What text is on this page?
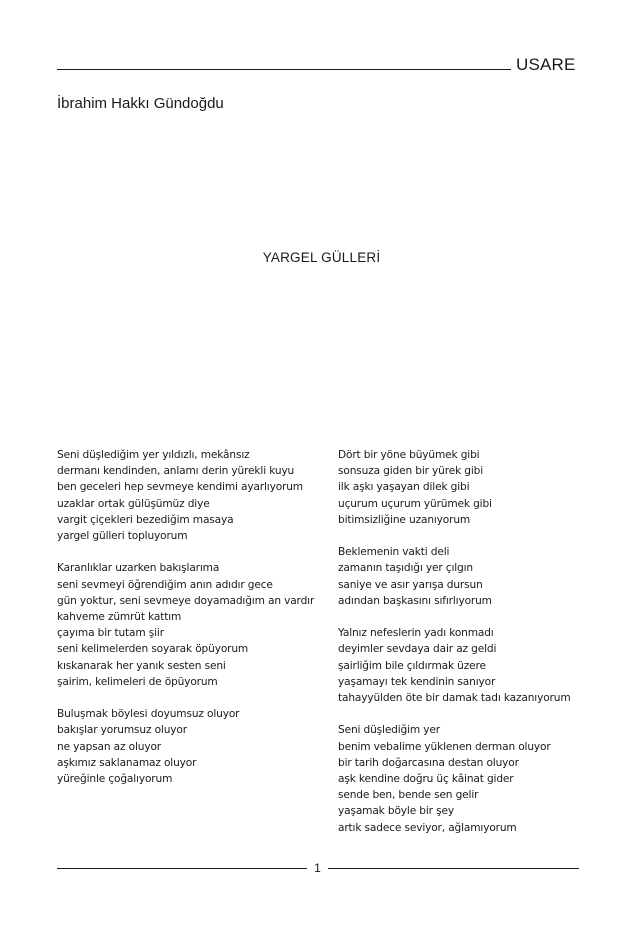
USARE
İbrahim Hakkı Gündoğdu
YARGEL GÜLLERİ
Seni düşlediğim yer yıldızlı, mekânsız
dermanı kendinden, anlamı derin yürekli kuyu
ben geceleri hep sevmeye kendimi ayarlıyorum
uzaklar ortak gülüşümüz diye
vargit çiçekleri bezediğim masaya
yargel gülleri topluyorum
Karanlıklar uzarken bakışlarıma
seni sevmeyi öğrendiğim anın adıdır gece
gün yoktur, seni sevmeye doyamadığım an vardır
kahveme zümrüt kattım
çayıma bir tutam şiir
seni kelimelerden soyarak öpüyorum
kıskanarak her yanık sesten seni
şairim, kelimeleri de öpüyorum
Buluşmak böylesi doyumsuz oluyor
bakışlar yorumsuz oluyor
ne yapsan az oluyor
aşkımız saklanamaz oluyor
yüreğinle çoğalıyorum
Dört bir yöne büyümek gibi
sonsuza giden bir yürek gibi
ilk aşkı yaşayan dilek gibi
uçurum uçurum yürümek gibi
bitimsizliğine uzanıyorum
Beklemenin vakti deli
zamanın taşıdığı yer çılgın
saniye ve asır yarışa dursun
adından başkasını sıfırlıyorum
Yalnız nefeslerin yadı konmadı
deyimler sevdaya dair az geldi
şairliğim bile çıldırmak üzere
yaşamayı tek kendinin sanıyor
tahayyülden öte bir damak tadı kazanıyorum
Seni düşlediğim yer
benim vebalime yüklenen derman oluyor
bir tarih doğarcasına destan oluyor
aşk kendine doğru üç kâinat gider
sende ben, bende sen gelir
yaşamak böyle bir şey
artık sadece seviyor, ağlamıyorum
1
